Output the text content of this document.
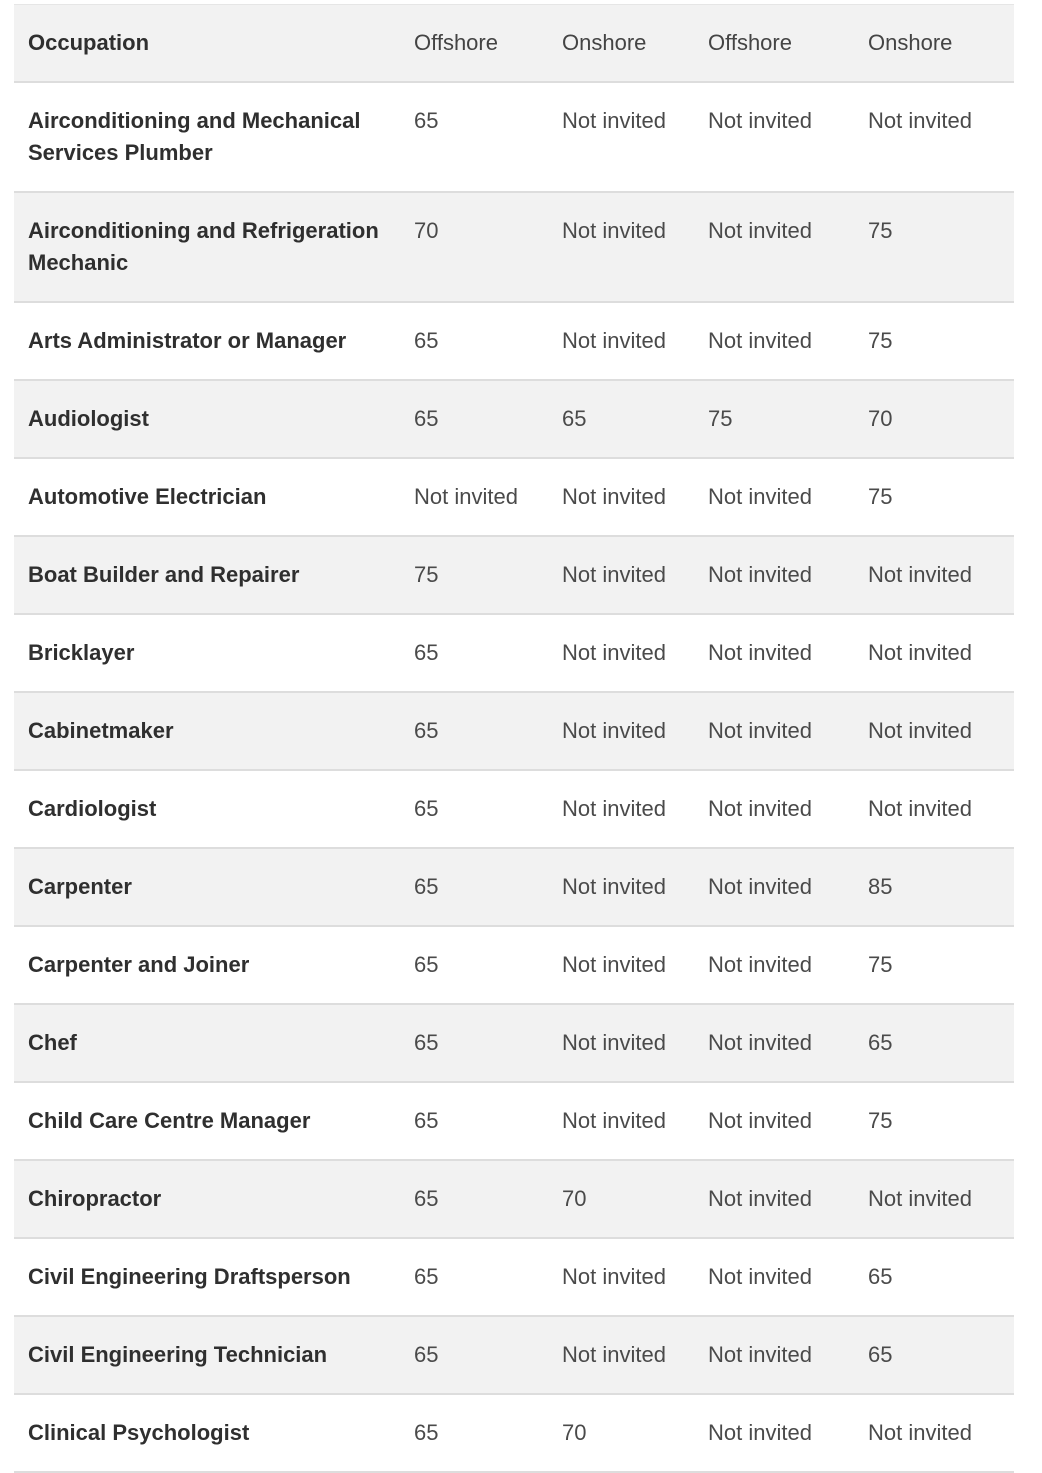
Occupation	Offshore	Onshore	Offshore	Onshore
Airconditioning and Mechanical Services Plumber	65	Not invited	Not invited	Not invited
Airconditioning and Refrigeration Mechanic	70	Not invited	Not invited	75
Arts Administrator or Manager	65	Not invited	Not invited	75
Audiologist	65	65	75	70
Automotive Electrician	Not invited	Not invited	Not invited	75
Boat Builder and Repairer	75	Not invited	Not invited	Not invited
Bricklayer	65	Not invited	Not invited	Not invited
Cabinetmaker	65	Not invited	Not invited	Not invited
Cardiologist	65	Not invited	Not invited	Not invited
Carpenter	65	Not invited	Not invited	85
Carpenter and Joiner	65	Not invited	Not invited	75
Chef	65	Not invited	Not invited	65
Child Care Centre Manager	65	Not invited	Not invited	75
Chiropractor	65	70	Not invited	Not invited
Civil Engineering Draftsperson	65	Not invited	Not invited	65
Civil Engineering Technician	65	Not invited	Not invited	65
Clinical Psychologist	65	70	Not invited	Not invited
